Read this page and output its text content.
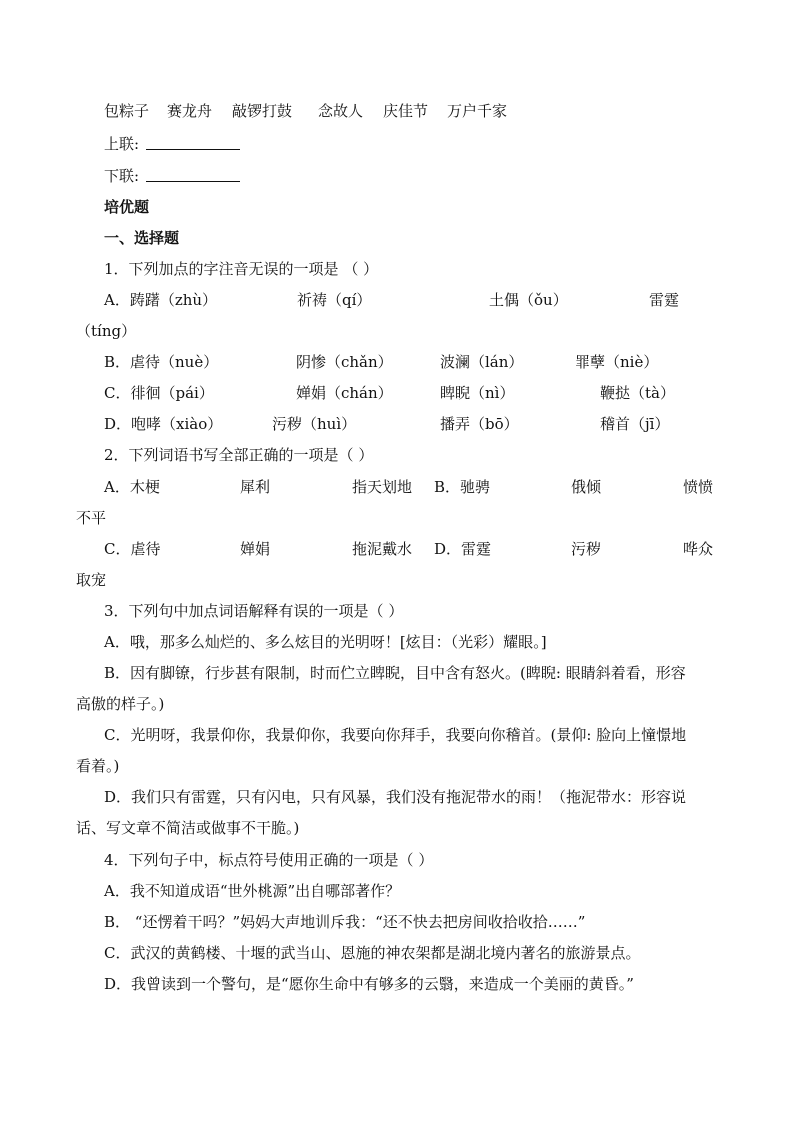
包粽子 赛龙舟 敲锣打鼓 念故人 庆佳节 万户千家
上联:
下联:
培优题
一、选择题
1．下列加点的字注音无误的一项是 （ ）
A．踌躇（zhù）	祈祷（qí）	土偶（ǒu）	雷霆
（tíng）
B．虐待（nuè）	阴惨（chǎn）	波澜（lán）	罪孽（niè）
C．徘徊（pái）	婵娟（chán）	睥睨（nì）	鞭挞（tà）
D．咆哮（xiào）	污秽（huì）	播弄（bō）	稽首（jī）
2．下列词语书写全部正确的一项是（ ）
A．木梗	犀利	指天划地 B．驰骋	俄倾	愤愤
不平
C．虐待	婵娟	拖泥戴水 D．雷霆	污秽	哗众
取宠
3．下列句中加点词语解释有误的一项是（ ）
A．哦，那多么灿烂的、多么炫目的光明呀！[炫目：（光彩）耀眼。]
B．因有脚镣，行步甚有限制，时而伫立睥睨，目中含有怒火。(睥睨: 眼睛斜着看，形容
高傲的样子。)
C．光明呀，我景仰你，我景仰你，我要向你拜手，我要向你稽首。(景仰: 脸向上憧憬地
看着。)
D．我们只有雷霆，只有闪电，只有风暴，我们没有拖泥带水的雨！（拖泥带水：形容说
话、写文章不简洁或做事不干脆。)
4．下列句子中，标点符号使用正确的一项是（ ）
A．我不知道成语“世外桃源”出自哪部著作？
B． “还愣着干吗？”妈妈大声地训斥我：“还不快去把房间收拾收拾……”
C．武汉的黄鹤楼、十堰的武当山、恩施的神农架都是湖北境内著名的旅游景点。
D．我曾读到一个警句，是“愿你生命中有够多的云翳，来造成一个美丽的黄昏。”
